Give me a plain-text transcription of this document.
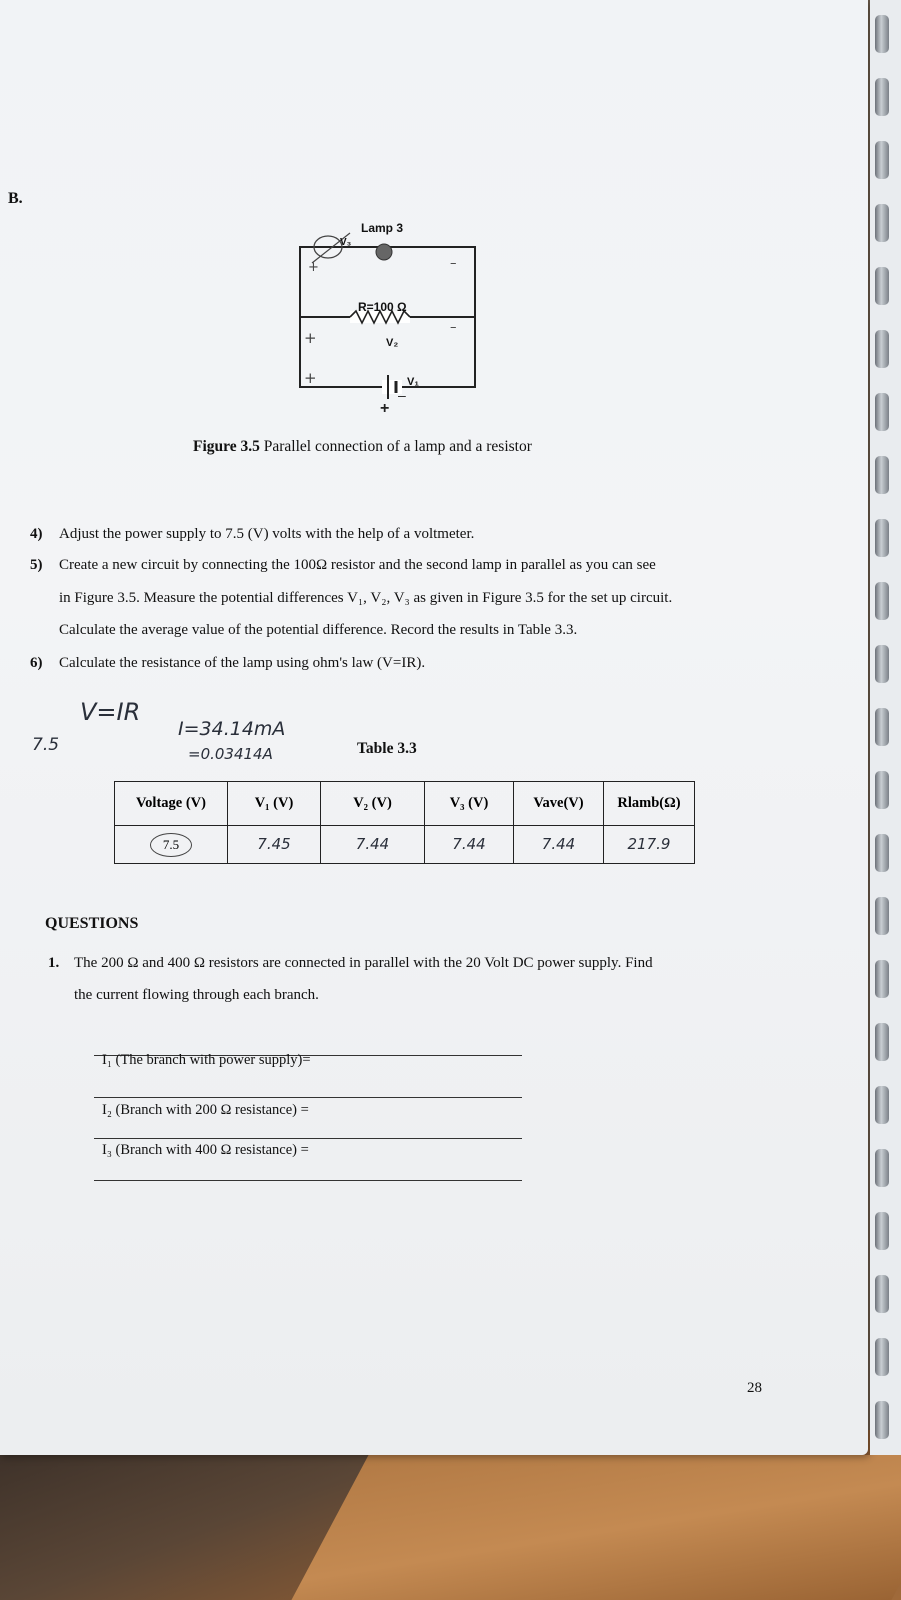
B.
+
–
+
+
+
–
–
Lamp 3
V₃
R=100 Ω
V₂
V₁
Figure 3.5 Parallel connection of a lamp and a resistor
4) Adjust the power supply to 7.5 (V) volts with the help of a voltmeter.
5) Create a new circuit by connecting the 100Ω resistor and the second lamp in parallel as you can see
in Figure 3.5. Measure the potential differences V₁, V₂, V₃ as given in Figure 3.5 for the set up circuit.
Calculate the average value of the potential difference. Record the results in Table 3.3.
6) Calculate the resistance of the lamp using ohm's law (V=IR).
V=IR
7.5
I=34.14mA
=0.03414A	Table 3.3
Voltage (V)	V₁ (V)	V₂ (V)	V₃ (V)	Vave(V)	Rlamb(Ω)
7.5	7.45	7.44	7.44	7.44	217.9
QUESTIONS
1. The 200 Ω and 400 Ω resistors are connected in parallel with the 20 Volt DC power supply. Find
the current flowing through each branch.
I₁ (The branch with power supply)=
I₂ (Branch with 200 Ω resistance) =
I₃ (Branch with 400 Ω resistance) =
28
